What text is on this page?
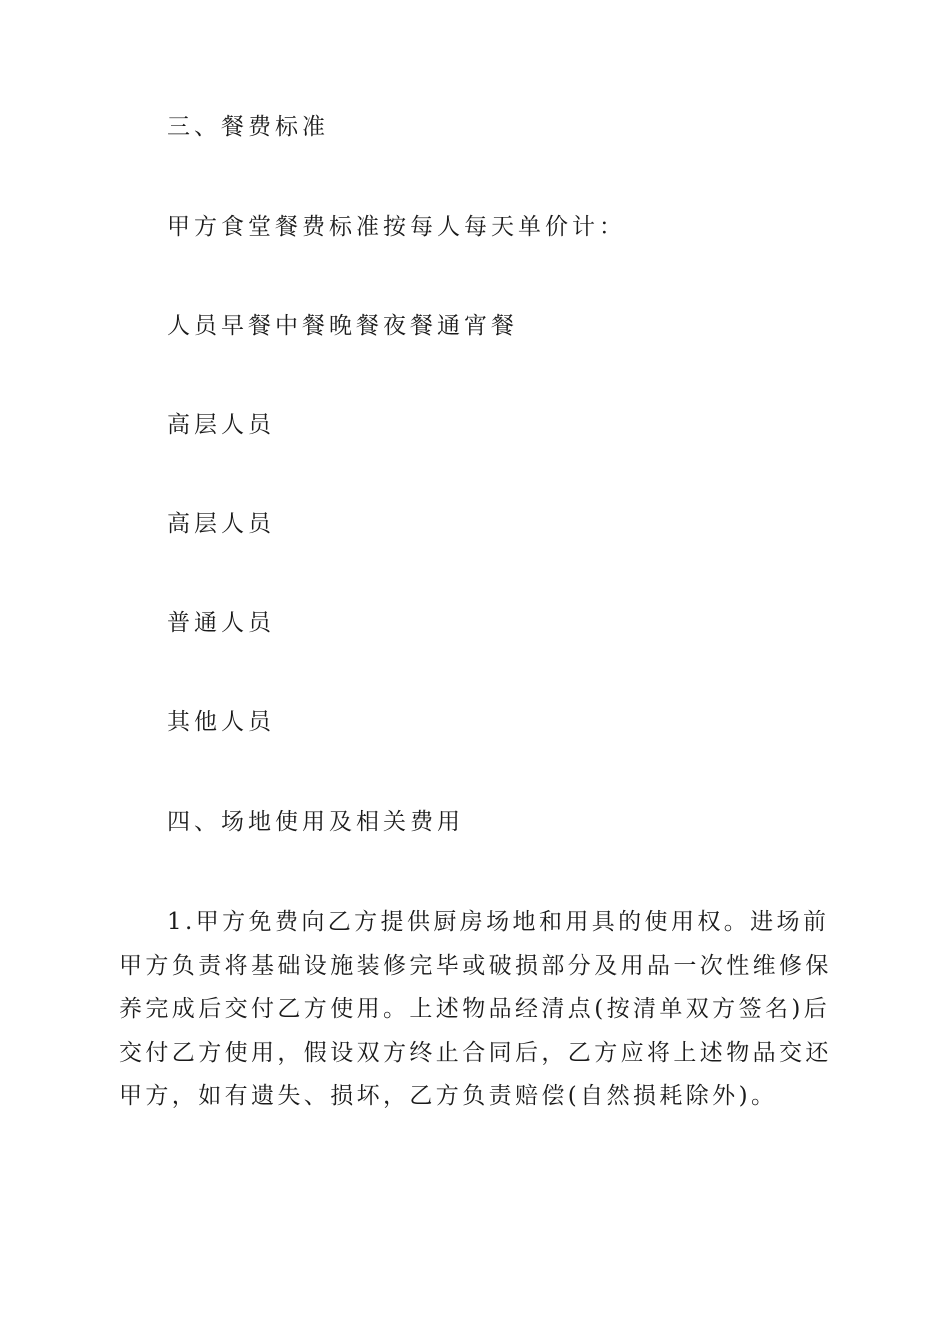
三、餐费标准
甲方食堂餐费标准按每人每天单价计：
人员早餐中餐晚餐夜餐通宵餐
高层人员
高层人员
普通人员
其他人员
四、场地使用及相关费用
1.甲方免费向乙方提供厨房场地和用具的使用权。进场前甲方负责将基础设施装修完毕或破损部分及用品一次性维修保养完成后交付乙方使用。上述物品经清点(按清单双方签名)后交付乙方使用，假设双方终止合同后，乙方应将上述物品交还甲方，如有遗失、损坏，乙方负责赔偿(自然损耗除外)。
